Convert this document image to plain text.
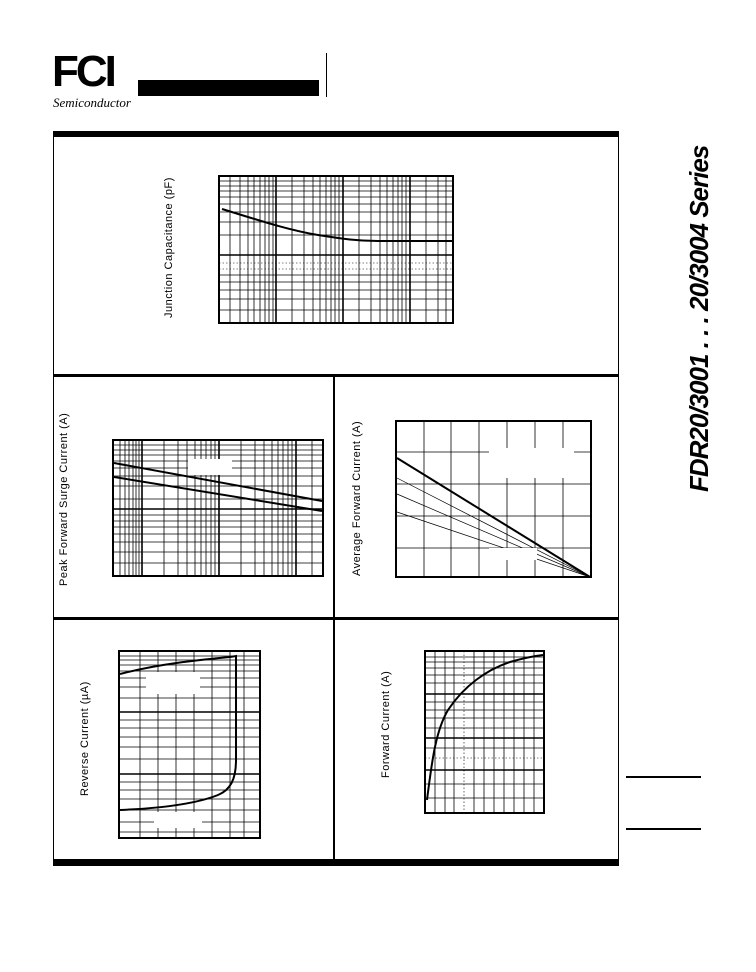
FCI
Semiconductor
FDR20/3001 . . . 20/3004 Series
Junction Capacitance (pF)
Peak Forward Surge Current (A)	Average Forward Current (A)
Reverse Current (µA)	Forward Current (A)
